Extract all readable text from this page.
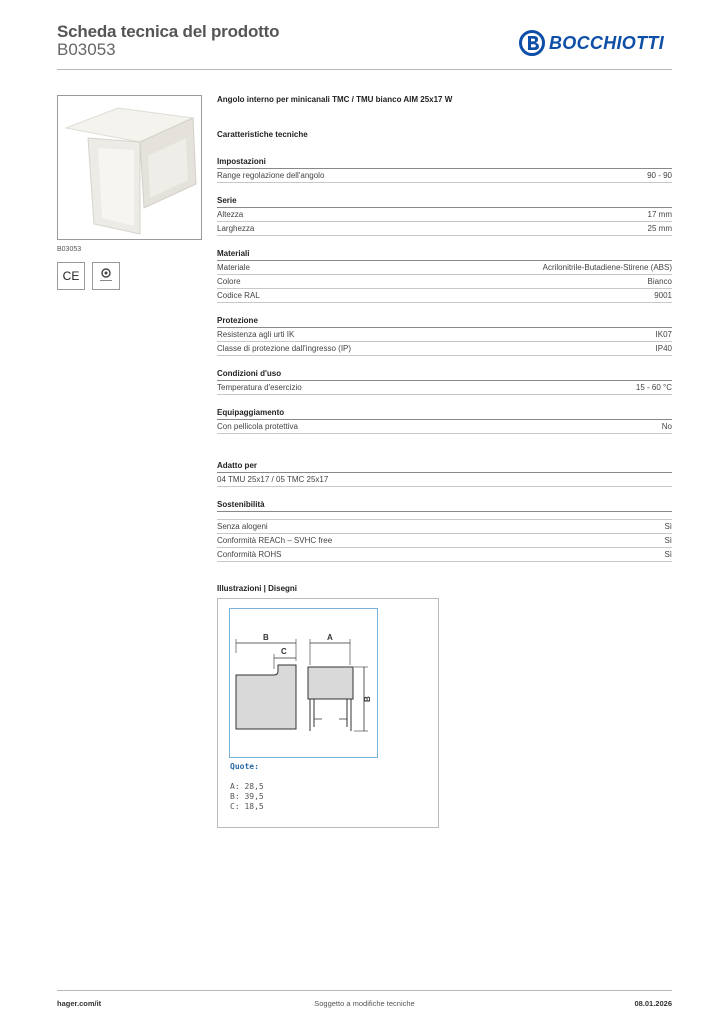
Scheda tecnica del prodotto
B03053	BOCCHIOTTI
B03053
CE
Angolo interno per minicanali TMC / TMU bianco AIM 25x17 W
Caratteristiche tecniche
Impostazioni
Range regolazione dell'angolo	90 - 90
Serie
Altezza	17 mm
Larghezza	25 mm
Materiali
Materiale	Acrilonitrile-Butadiene-Stirene (ABS)
Colore	Bianco
Codice RAL	9001
Protezione
Resistenza agli urti IK	IK07
Classe di protezione dall'ingresso (IP)	IP40
Condizioni d'uso
Temperatura d'esercizio	15 - 60 °C
Equipaggiamento
Con pellicola protettiva	No
Adatto per
04 TMU 25x17 / 05 TMC 25x17
Sostenibilità
Senza alogeni	Sì
Conformità REACh – SVHC free	Sì
Conformità ROHS	Sì
Illustrazioni | Disegni
B
C
A
B
Quote:
A: 28,5
B: 39,5
C: 18,5
hager.com/it	Soggetto a modifiche tecniche	08.01.2026
